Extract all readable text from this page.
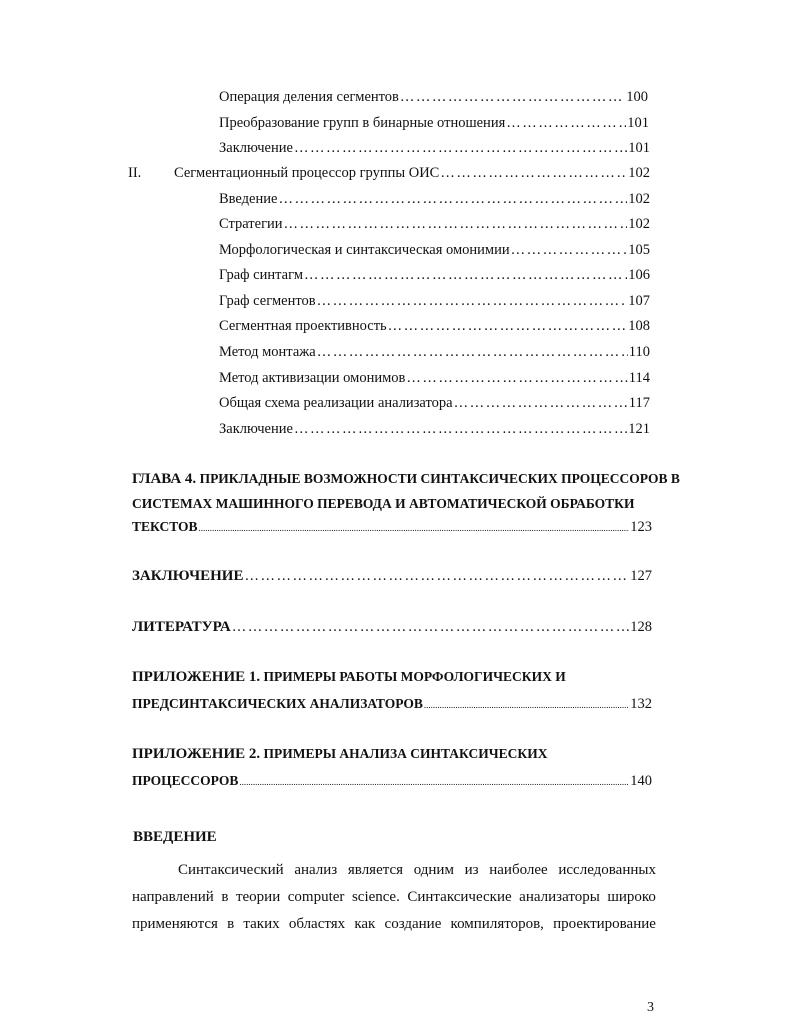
Операция деления сегментов ………………………………………………………………………………………………………………………………………………………	100
Преобразование групп в бинарные отношения ………………………………………………………………………………………………………………………………………………………	101
Заключение ………………………………………………………………………………………………………………………………………………………	101
II.	Сегментационный процессор группы ОИС ………………………………………………………………………………………………………………………………………………………	102
Введение ………………………………………………………………………………………………………………………………………………………	102
Стратегии ………………………………………………………………………………………………………………………………………………………	102
Морфологическая и синтаксическая омонимии ………………………………………………………………………………………………………………………………………………………	105
Граф синтагм ………………………………………………………………………………………………………………………………………………………	106
Граф сегментов ………………………………………………………………………………………………………………………………………………………	107
Сегментная проективность ………………………………………………………………………………………………………………………………………………………	108
Метод монтажа ………………………………………………………………………………………………………………………………………………………	110
Метод активизации омонимов ………………………………………………………………………………………………………………………………………………………	114
Общая схема реализации анализатора ………………………………………………………………………………………………………………………………………………………	117
Заключение ………………………………………………………………………………………………………………………………………………………	121
ГЛАВА 4. ПРИКЛАДНЫЕ ВОЗМОЖНОСТИ СИНТАКСИЧЕСКИХ ПРОЦЕССОРОВ В
СИСТЕМАХ МАШИННОГО ПЕРЕВОДА И АВТОМАТИЧЕСКОЙ ОБРАБОТКИ
ТЕКСТОВ .....	123
ЗАКЛЮЧЕНИЕ ………………………………………………………………………………………………………………………………………………………	127
ЛИТЕРАТУРА ………………………………………………………………………………………………………………………………………………………	128
ПРИЛОЖЕНИЕ 1. ПРИМЕРЫ РАБОТЫ МОРФОЛОГИЧЕСКИХ И
ПРЕДСИНТАКСИЧЕСКИХ АНАЛИЗАТОРОВ .....	132
ПРИЛОЖЕНИЕ 2. ПРИМЕРЫ АНАЛИЗА СИНТАКСИЧЕСКИХ
ПРОЦЕССОРОВ .....	140
ВВЕДЕНИЕ
Синтаксический анализ является одним из наиболее исследованных
направлений в теории computer science. Синтаксические анализаторы широко
применяются в таких областях как создание компиляторов, проектирование
3
